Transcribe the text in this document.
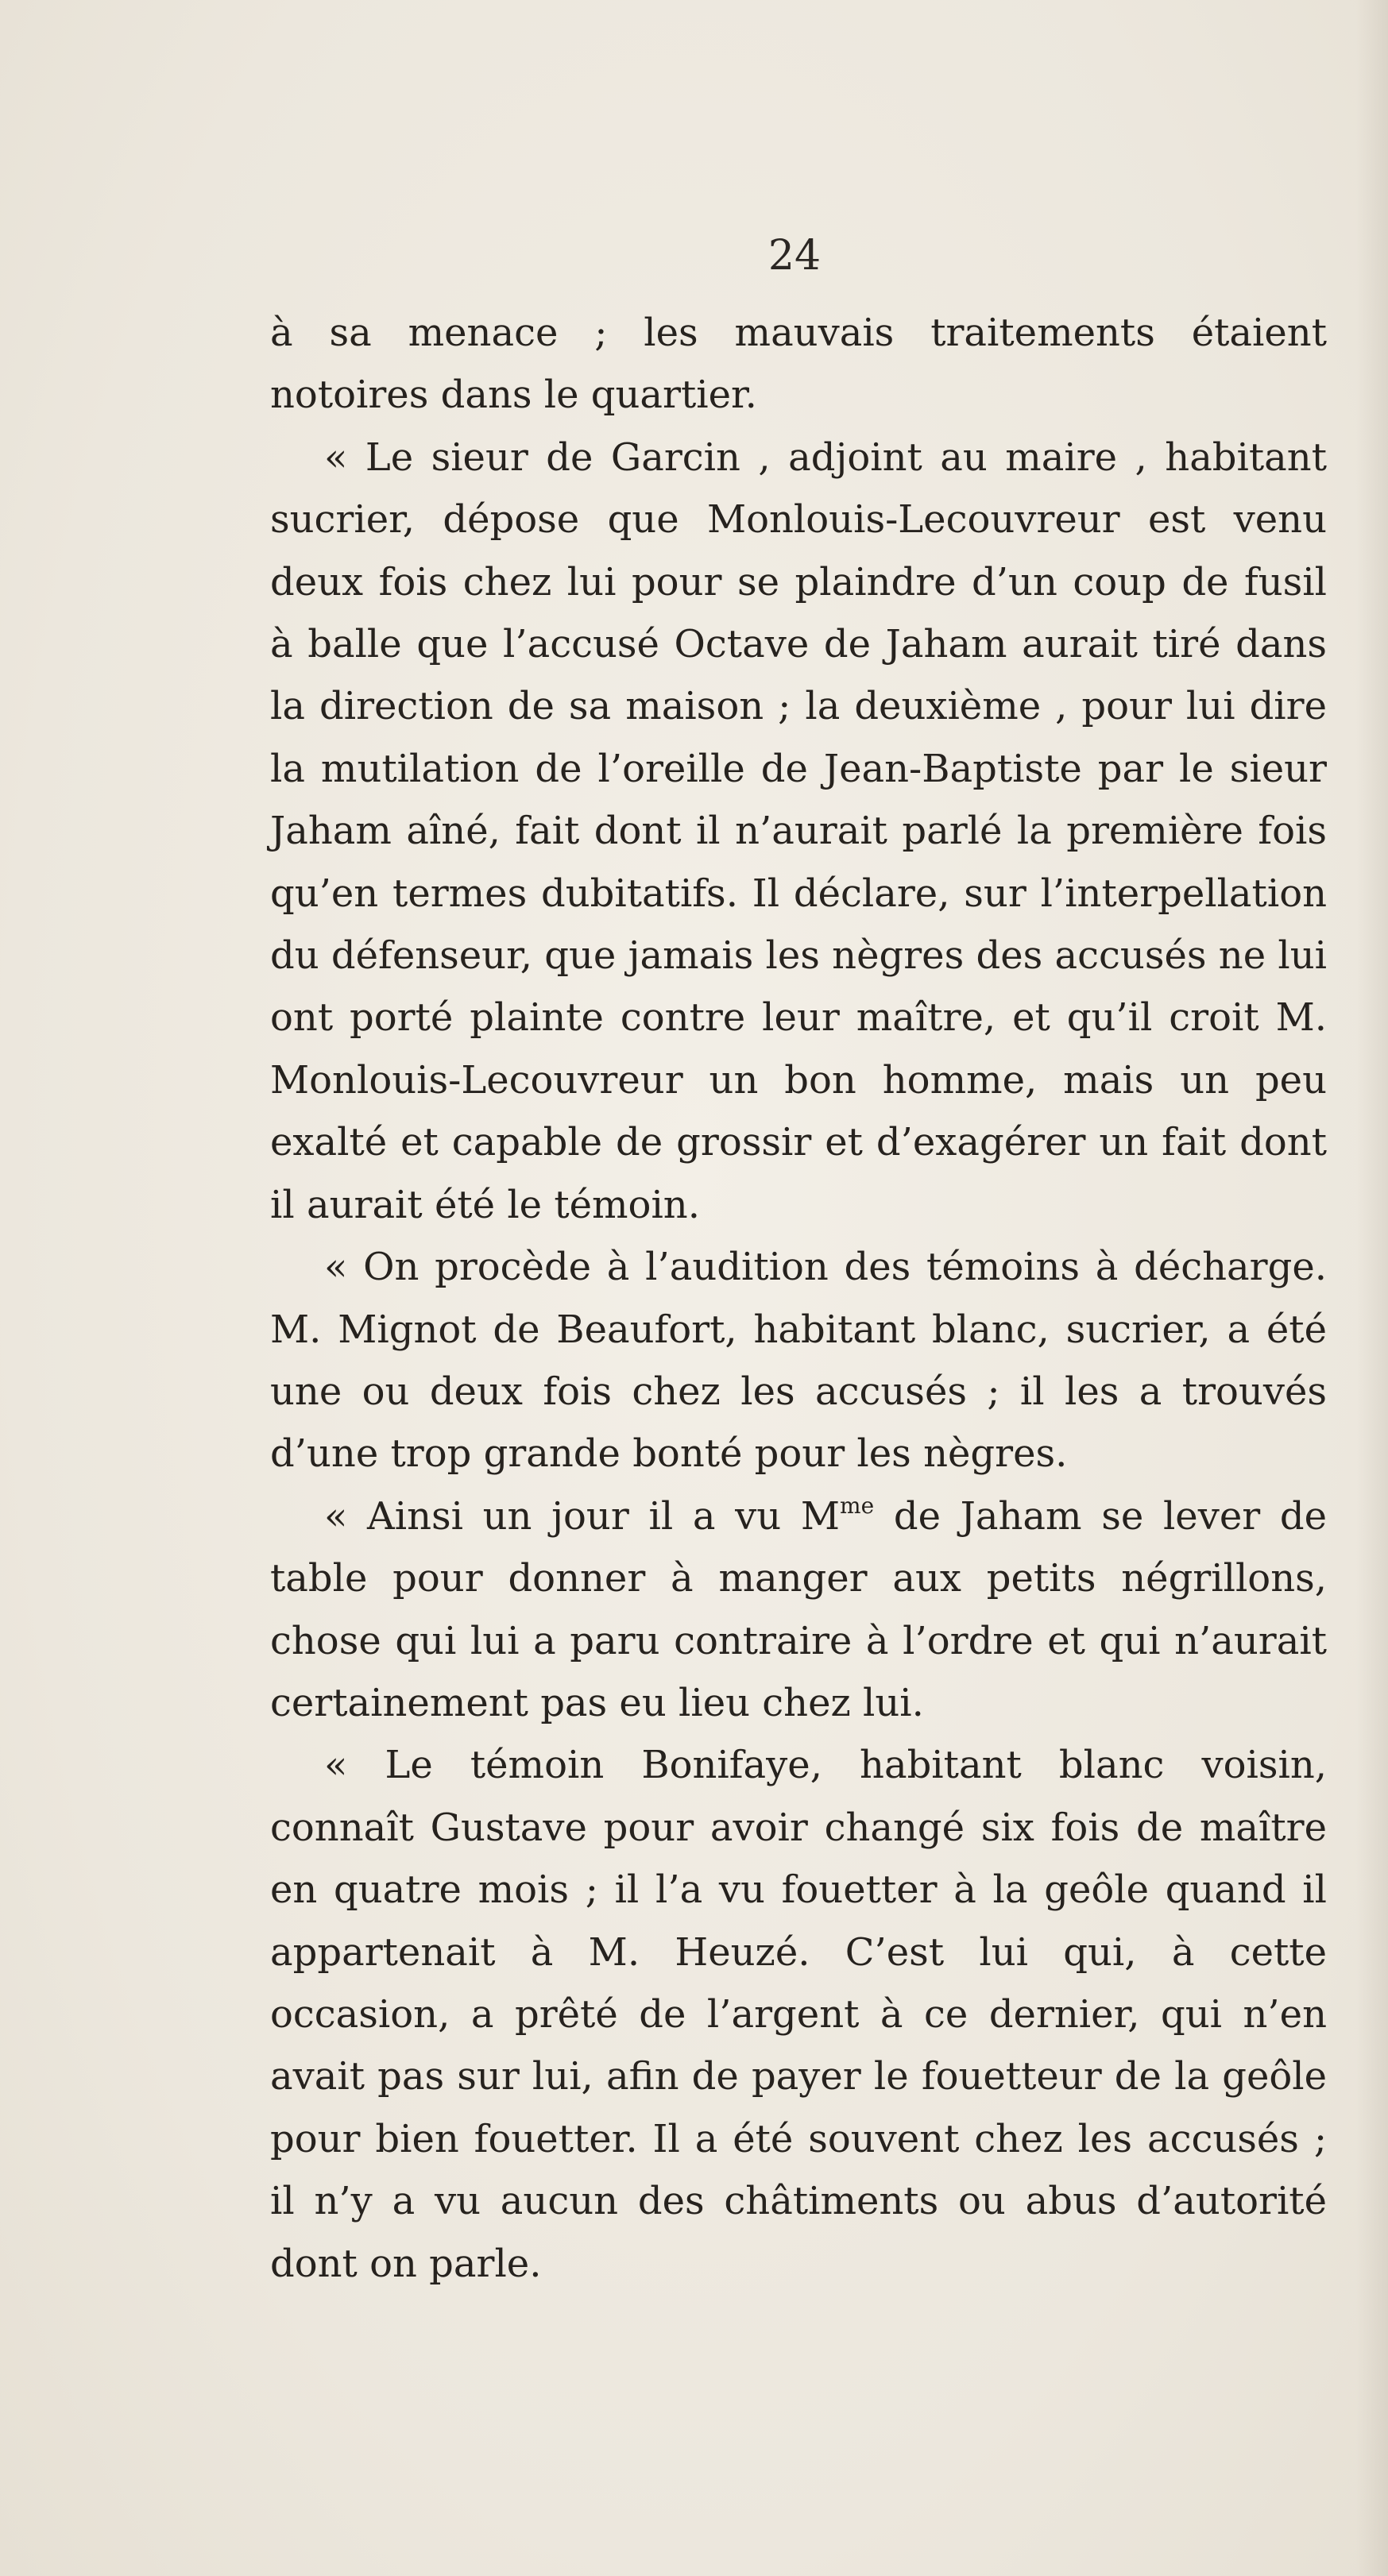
24

à sa menace ; les mauvais traitements étaient notoires dans le quartier.

« Le sieur de Garcin , adjoint au maire , habitant sucrier, dépose que Monlouis-Lecouvreur est venu deux fois chez lui pour se plaindre d’un coup de fusil à balle que l’accusé Octave de Jaham aurait tiré dans la direction de sa maison ; la deuxième , pour lui dire la mutilation de l’oreille de Jean-Baptiste par le sieur Jaham aîné, fait dont il n’aurait parlé la première fois qu’en termes dubitatifs. Il déclare, sur l’interpellation du défenseur, que jamais les nègres des accusés ne lui ont porté plainte contre leur maître, et qu’il croit M. Monlouis-Lecouvreur un bon homme, mais un peu exalté et capable de grossir et d’exagérer un fait dont il aurait été le témoin.

« On procède à l’audition des témoins à décharge. M. Mignot de Beaufort, habitant blanc, sucrier, a été une ou deux fois chez les accusés ; il les a trouvés d’une trop grande bonté pour les nègres.

« Ainsi un jour il a vu $M^{me}$ de Jaham se lever de table pour donner à manger aux petits négrillons, chose qui lui a paru contraire à l’ordre et qui n’aurait certainement pas eu lieu chez lui.

« Le témoin Bonifaye, habitant blanc voisin, connaît Gustave pour avoir changé six fois de maître en quatre mois ; il l’a vu fouetter à la geôle quand il appartenait à M. Heuzé. C’est lui qui, à cette occasion, a prêté de l’argent à ce dernier, qui n’en avait pas sur lui, afin de payer le fouetteur de la geôle pour bien fouetter. Il a été souvent chez les accusés ; il n’y a vu aucun des châtiments ou abus d’autorité dont on parle.
